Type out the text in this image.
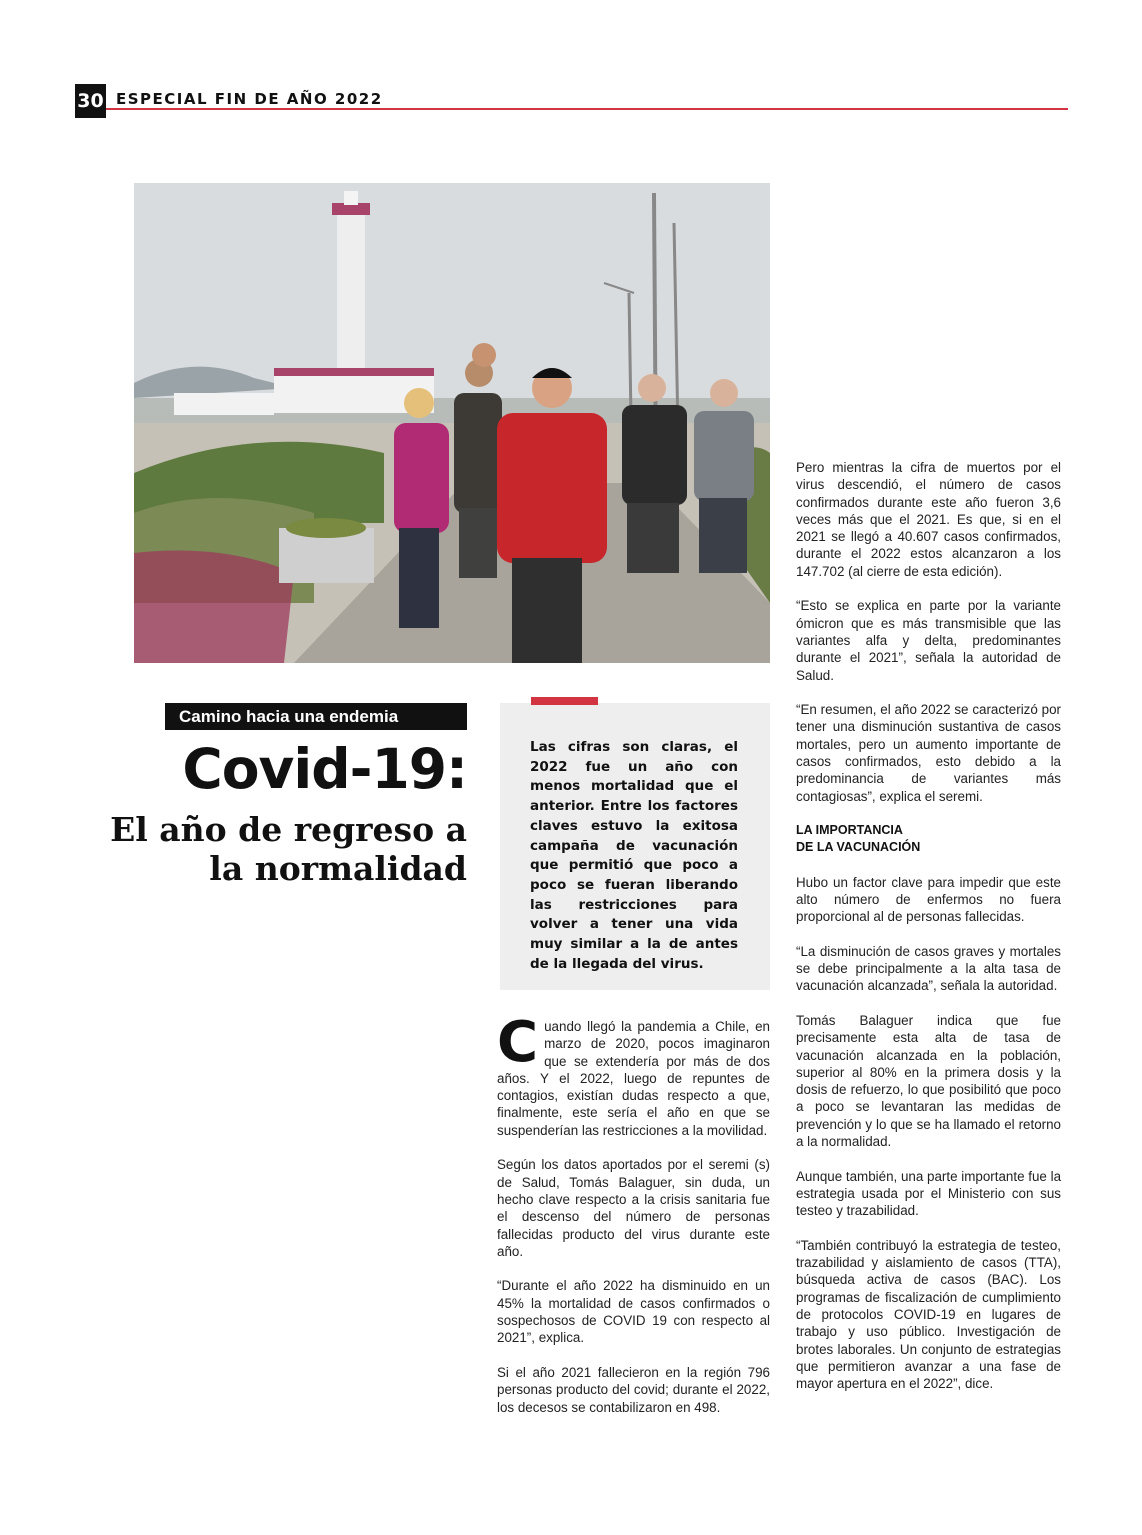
30 ESPECIAL FIN DE AÑO 2022
Camino hacia una endemia
Covid-19:
El año de regreso a la normalidad
Las cifras son claras, el 2022 fue un año con menos mortalidad que el anterior. Entre los factores claves estuvo la exitosa campaña de vacunación que permitió que poco a poco se fueran liberando las restricciones para volver a tener una vida muy similar a la de antes de la llegada del virus.

Cuando llegó la pandemia a Chile, en marzo de 2020, pocos imaginaron que se extendería por más de dos años. Y el 2022, luego de repuntes de contagios, existían dudas respecto a que, finalmente, este sería el año en que se suspenderían las restricciones a la movilidad.

Según los datos aportados por el seremi (s) de Salud, Tomás Balaguer, sin duda, un hecho clave respecto a la crisis sanitaria fue el descenso del número de personas fallecidas producto del virus durante este año.

“Durante el año 2022 ha disminuido en un 45% la mortalidad de casos confirmados o sospechosos de COVID 19 con respecto al 2021”, explica.

Si el año 2021 fallecieron en la región 796 personas producto del covid; durante el 2022, los decesos se contabilizaron en 498.

Pero mientras la cifra de muertos por el virus descendió, el número de casos confirmados durante este año fueron 3,6 veces más que el 2021. Es que, si en el 2021 se llegó a 40.607 casos confirmados, durante el 2022 estos alcanzaron a los 147.702 (al cierre de esta edición).

“Esto se explica en parte por la variante ómicron que es más transmisible que las variantes alfa y delta, predominantes durante el 2021”, señala la autoridad de Salud.

“En resumen, el año 2022 se caracterizó por tener una disminución sustantiva de casos mortales, pero un aumento importante de casos confirmados, esto debido a la predominancia de variantes más contagiosas”, explica el seremi.

LA IMPORTANCIA
DE LA VACUNACIÓN

Hubo un factor clave para impedir que este alto número de enfermos no fuera proporcional al de personas fallecidas.

“La disminución de casos graves y mortales se debe principalmente a la alta tasa de vacunación alcanzada”, señala la autoridad.

Tomás Balaguer indica que fue precisamente esta alta de tasa de vacunación alcanzada en la población, superior al 80% en la primera dosis y la dosis de refuerzo, lo que posibilitó que poco a poco se levantaran las medidas de prevención y lo que se ha llamado el retorno a la normalidad.

Aunque también, una parte importante fue la estrategia usada por el Ministerio con sus testeo y trazabilidad.

“También contribuyó la estrategia de testeo, trazabilidad y aislamiento de casos (TTA), búsqueda activa de casos (BAC). Los programas de fiscalización de cumplimiento de protocolos COVID-19 en lugares de trabajo y uso público. Investigación de brotes laborales. Un conjunto de estrategias que permitieron avanzar a una fase de mayor apertura en el 2022”, dice.
